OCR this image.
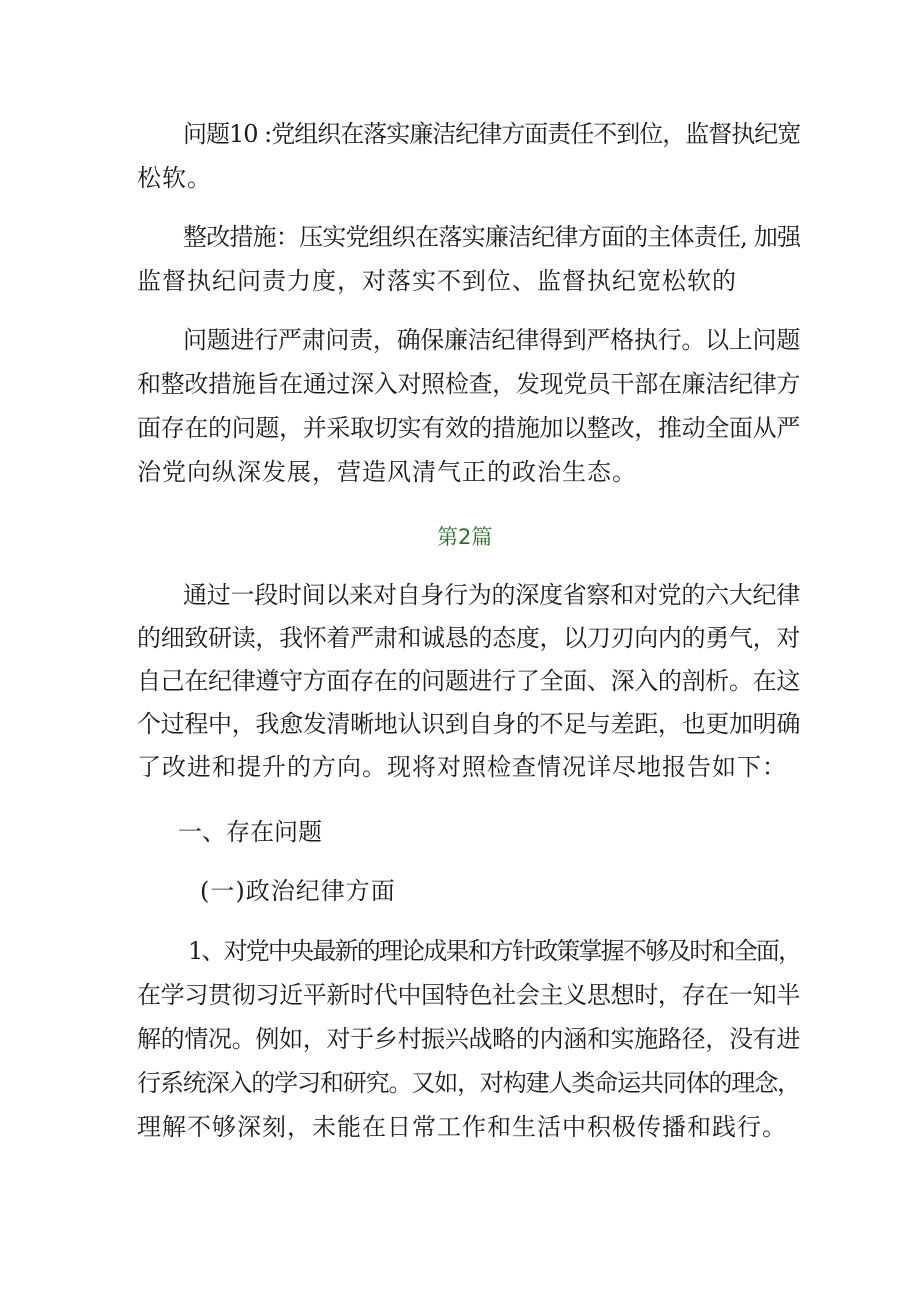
问题10 :党组织在落实廉洁纪律方面责任不到位，监督执纪宽
松软。
整改措施：压实党组织在落实廉洁纪律方面的主体责任, 加强
监督执纪问责力度，对落实不到位、监督执纪宽松软的
问题进行严肃问责，确保廉洁纪律得到严格执行。以上问题
和整改措施旨在通过深入对照检查，发现党员干部在廉洁纪律方
面存在的问题，并采取切实有效的措施加以整改，推动全面从严
治党向纵深发展，营造风清气正的政治生态。
第2篇
通过一段时间以来对自身行为的深度省察和对党的六大纪律
的细致研读，我怀着严肃和诚恳的态度，以刀刃向内的勇气，对
自己在纪律遵守方面存在的问题进行了全面、深入的剖析。在这
个过程中，我愈发清晰地认识到自身的不足与差距，也更加明确
了改进和提升的方向。现将对照检查情况详尽地报告如下：
一、存在问题
(一)政治纪律方面
1、对党中央最新的理论成果和方针政策掌握不够及时和全面，
在学习贯彻习近平新时代中国特色社会主义思想时，存在一知半
解的情况。例如，对于乡村振兴战略的内涵和实施路径，没有进
行系统深入的学习和研究。又如，对构建人类命运共同体的理念，
理解不够深刻，未能在日常工作和生活中积极传播和践行。
